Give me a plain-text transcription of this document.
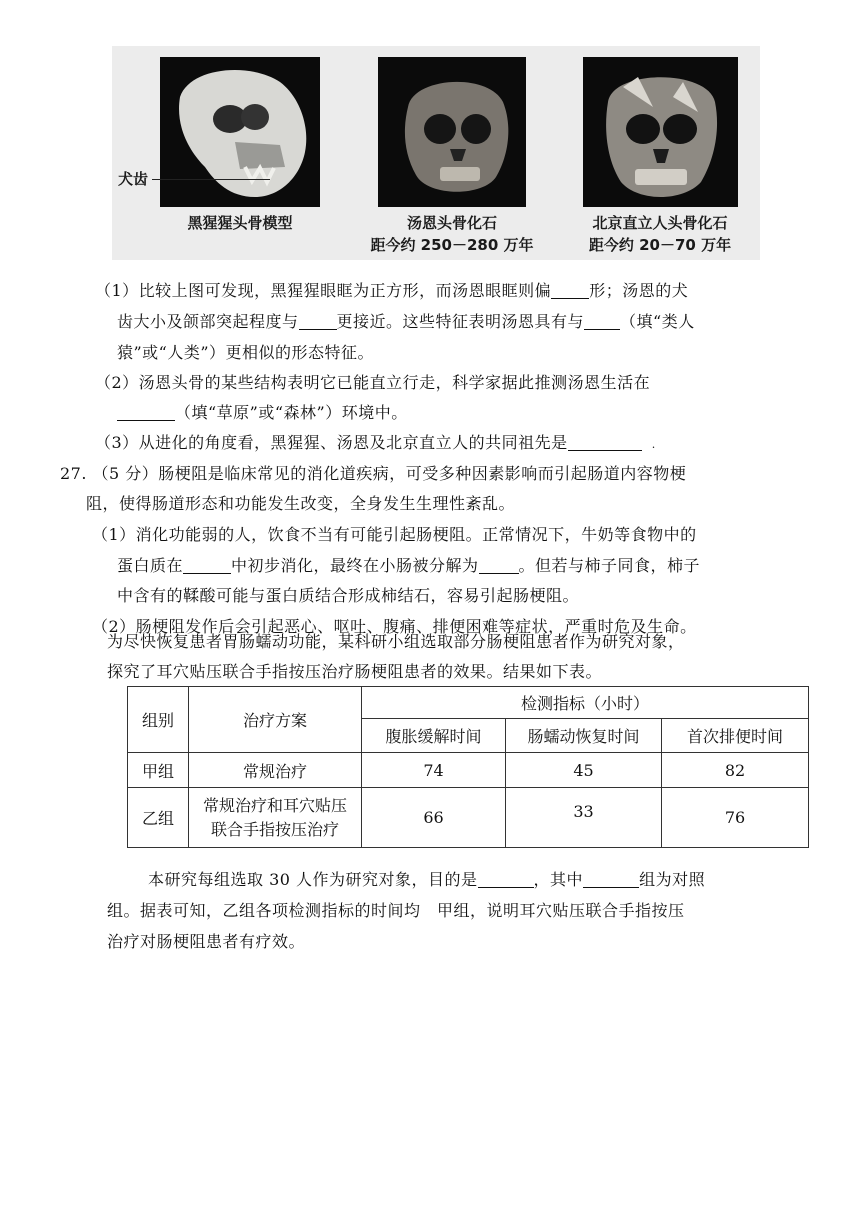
犬齿
黑猩猩头骨模型	汤恩头骨化石
距今约 250－280 万年
北京直立人头骨化石
距今约 20－70 万年
（1）比较上图可发现，黑猩猩眼眶为正方形，而汤恩眼眶则偏 形；汤恩的犬
齿大小及颌部突起程度与 更接近。这些特征表明汤恩具有与 （填“类人
猿”或“人类”）更相似的形态特征。
（2）汤恩头骨的某些结构表明它已能直立行走，科学家据此推测汤恩生活在
（填“草原”或“森林”）环境中。
（3）从进化的角度看，黑猩猩、汤恩及北京直立人的共同祖先是	.
27. （5 分）肠梗阻是临床常见的消化道疾病，可受多种因素影响而引起肠道内容物梗
阻，使得肠道形态和功能发生改变，全身发生生理性紊乱。
（1）消化功能弱的人，饮食不当有可能引起肠梗阻。正常情况下，牛奶等食物中的
蛋白质在	中初步消化，最终在小肠被分解为	。但若与柿子同食，柿子
中含有的鞣酸可能与蛋白质结合形成柿结石，容易引起肠梗阻。
（2）肠梗阻发作后会引起恶心、呕吐、腹痛、排便困难等症状，严重时危及生命。
为尽快恢复患者胃肠蠕动功能，某科研小组选取部分肠梗阻患者作为研究对象，
探究了耳穴贴压联合手指按压治疗肠梗阻患者的效果。结果如下表。
组别	治疗方案	检测指标（小时）		
		腹胀缓解时间	肠蠕动恢复时间	首次排便时间
甲组	常规治疗	74	45	82
乙组	常规治疗和耳穴贴压
联合手指按压治疗	66	33	76
本研究每组选取 30 人作为研究对象，目的是	，其中	组为对照
组。据表可知，乙组各项检测指标的时间均　甲组，说明耳穴贴压联合手指按压
治疗对肠梗阻患者有疗效。
